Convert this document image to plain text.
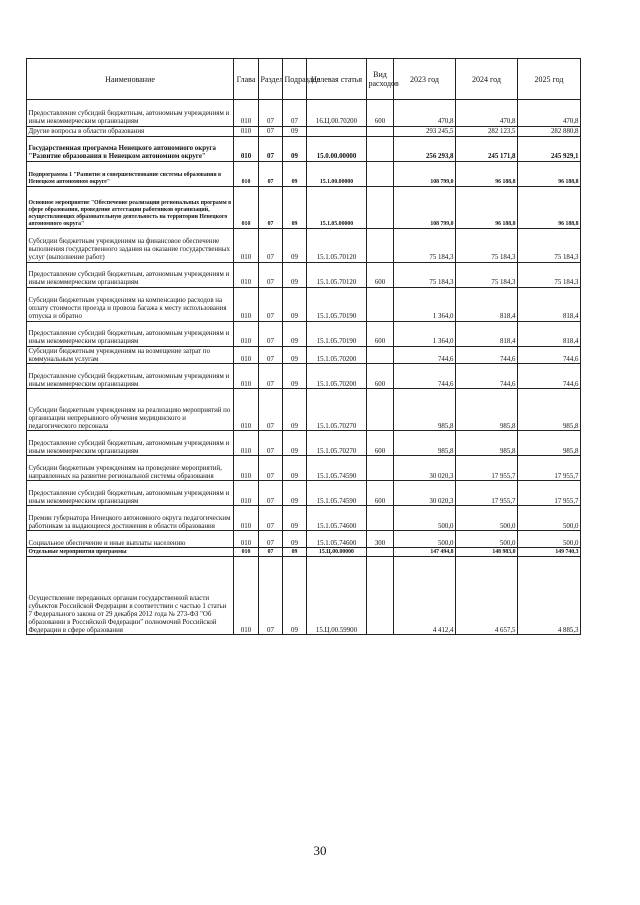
Наименование	Глава	Раздел	Подраздел	Целевая статья	Вид расходов	2023 год	2024 год	2025 год
Предоставление субсидий бюджетным, автономным учреждениям и иным некоммерческим организациям	010	07	07	16.Ц.00.70200	600	470,8	470,8	470,8
Другие вопросы в области образования	010	07	09			293 245,5	282 123,5	282 880,8
Государственная программа Ненецкого автономного округа "Развитие образования в Ненецком автономном округе"	010	07	09	15.0.00.00000		256 293,8	245 171,8	245 929,1
Подпрограмма 1 "Развитие и совершенствование системы образования в Ненецком автономном округе"	010	07	09	15.1.00.00000		108 799,0	96 188,8	96 188,8
Основное мероприятие "Обеспечение реализации региональных программ в сфере образования, проведение аттестации работников организаций, осуществляющих образовательную деятельность на территории Ненецкого автономного округа"	010	07	09	15.1.05.00000		108 799,0	96 188,8	96 188,8
Субсидии бюджетным учреждениям на финансовое обеспечение выполнения государственного задания на оказание государственных услуг (выполнение работ)	010	07	09	15.1.05.70120		75 184,3	75 184,3	75 184,3
Предоставление субсидий бюджетным, автономным учреждениям и иным некоммерческим организациям	010	07	09	15.1.05.70120	600	75 184,3	75 184,3	75 184,3
Субсидии бюджетным учреждениям на компенсацию расходов на оплату стоимости проезда и провоза багажа к месту использования отпуска и обратно	010	07	09	15.1.05.70190		1 364,0	818,4	818,4
Предоставление субсидий бюджетным, автономным учреждениям и иным некоммерческим организациям	010	07	09	15.1.05.70190	600	1 364,0	818,4	818,4
Субсидии бюджетным учреждениям на возмещение затрат по коммунальным услугам	010	07	09	15.1.05.70200		744,6	744,6	744,6
Предоставление субсидий бюджетным, автономным учреждениям и иным некоммерческим организациям	010	07	09	15.1.05.70200	600	744,6	744,6	744,6
Субсидии бюджетным учреждениям на реализацию мероприятий по организации непрерывного обучения медицинского и педагогического персонала	010	07	09	15.1.05.70270		985,8	985,8	985,8
Предоставление субсидий бюджетным, автономным учреждениям и иным некоммерческим организациям	010	07	09	15.1.05.70270	600	985,8	985,8	985,8
Субсидии бюджетным учреждениям на проведение мероприятий, направленных на развитие региональной системы образования	010	07	09	15.1.05.74590		30 020,3	17 955,7	17 955,7
Предоставление субсидий бюджетным, автономным учреждениям и иным некоммерческим организациям	010	07	09	15.1.05.74590	600	30 020,3	17 955,7	17 955,7
Премии губернатора Ненецкого автономного округа педагогическим работникам за выдающиеся достижения в области образования	010	07	09	15.1.05.74600		500,0	500,0	500,0
Социальное обеспечение и иные выплаты населению	010	07	09	15.1.05.74600	300	500,0	500,0	500,0
Отдельные мероприятия программы	010	07	09	15.Ц.00.00000		147 494,8	148 983,0	149 740,3
Осуществление переданных органам государственной власти субъектов Российской Федерации в соответствии с частью 1 статьи 7 Федерального закона от 29 декабря 2012 года № 273-ФЗ "Об образовании в Российской Федерации" полномочий Российской Федерации в сфере образования	010	07	09	15.Ц.00.59900		4 412,4	4 657,5	4 885,3
30
